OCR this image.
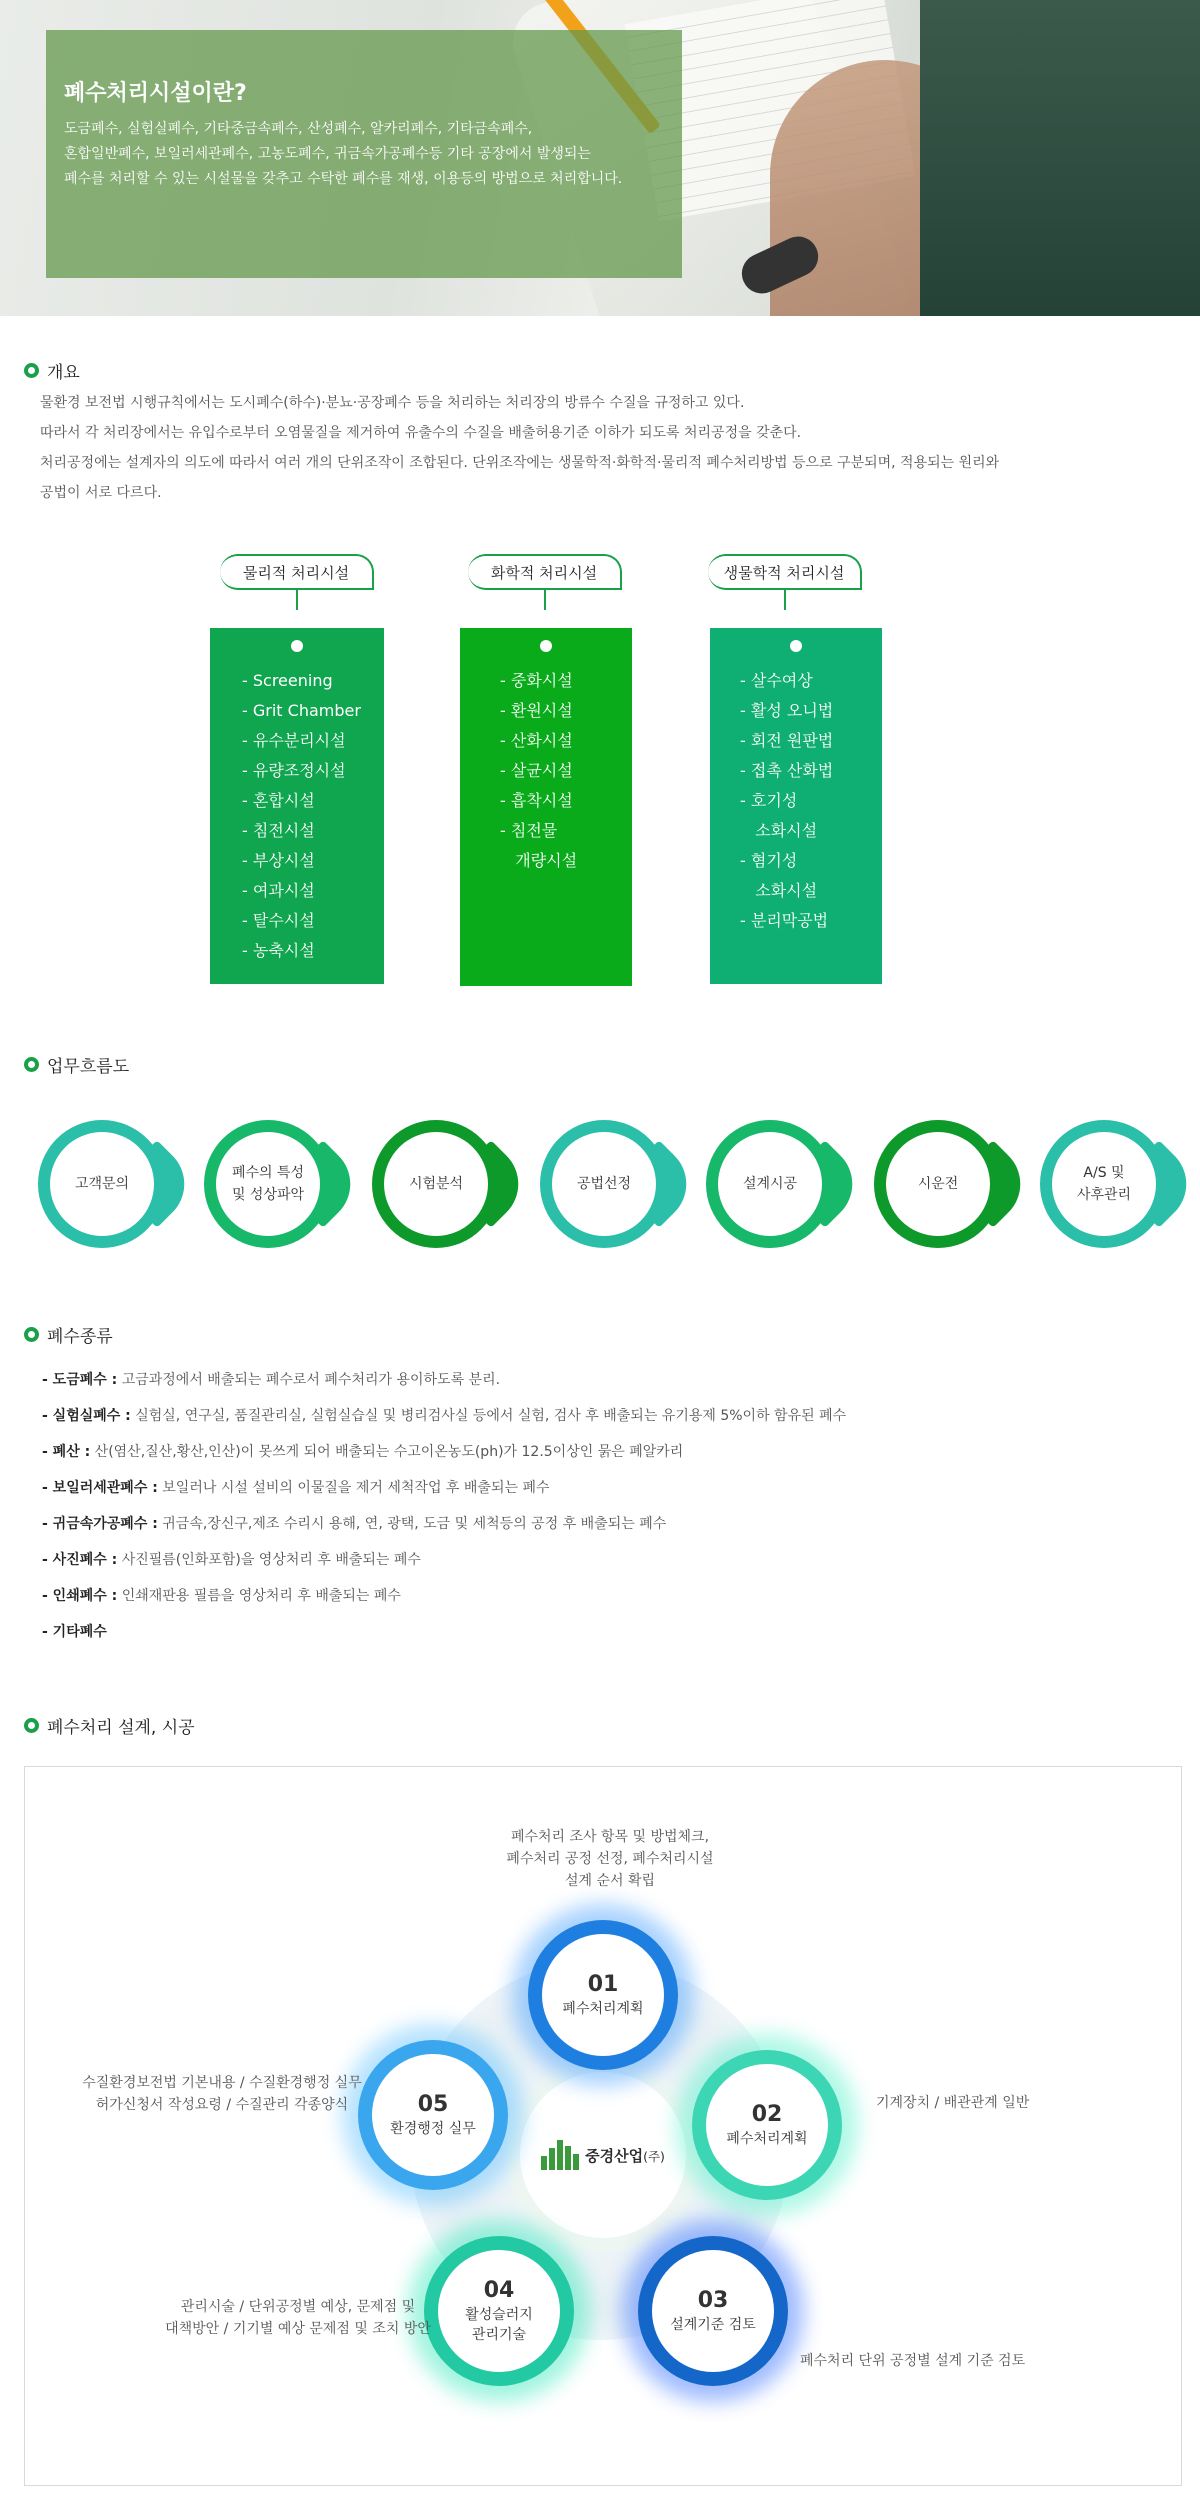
폐수처리시설이란?
도금폐수, 실험실폐수, 기타중금속폐수, 산성폐수, 알카리폐수, 기타금속폐수,
혼합일반폐수, 보일러세관폐수, 고농도폐수, 귀금속가공폐수등 기타 공장에서 발생되는
폐수를 처리할 수 있는 시설물을 갖추고 수탁한 폐수를 재생, 이용등의 방법으로 처리합니다.
개요
물환경 보전법 시행규칙에서는 도시폐수(하수)·분뇨·공장폐수 등을 처리하는 처리장의 방류수 수질을 규정하고 있다.
따라서 각 처리장에서는 유입수로부터 오염물질을 제거하여 유출수의 수질을 배출허용기준 이하가 되도록 처리공정을 갖춘다.
처리공정에는 설계자의 의도에 따라서 여러 개의 단위조작이 조합된다. 단위조작에는 생물학적·화학적·물리적 폐수처리방법 등으로 구분되며, 적용되는 원리와
공법이 서로 다르다.
물리적 처리시설
- Screening
- Grit Chamber
- 유수분리시설
- 유량조정시설
- 혼합시설
- 침전시설
- 부상시설
- 여과시설
- 탈수시설
- 농축시설
화학적 처리시설
- 중화시설
- 환원시설
- 산화시설
- 살균시설
- 흡착시설
- 침전물
개량시설
생물학적 처리시설
- 살수여상
- 활성 오니법
- 회전 원판법
- 접촉 산화법
- 호기성
소화시설
- 혐기성
소화시설
- 분리막공법
업무흐름도
고객문의
폐수의 특성
및 성상파악
시험분석	공법선정	설계시공	시운전
A/S 및
사후관리
폐수종류
- 도금폐수 : 고금과정에서 배출되는 폐수로서 폐수처리가 용이하도록 분리.
- 실험실폐수 : 실험실, 연구실, 품질관리실, 실험실습실 및 병리검사실 등에서 실험, 검사 후 배출되는 유기용제 5%이하 함유된 폐수
- 폐산 : 산(염산,질산,황산,인산)이 못쓰게 되어 배출되는 수고이온농도(ph)가 12.5이상인 묽은 폐알카리
- 보일러세관폐수 : 보일러나 시설 설비의 이물질을 제거 세척작업 후 배출되는 폐수
- 귀금속가공폐수 : 귀금속,장신구,제조 수리시 용해, 연, 광택, 도금 및 세척등의 공정 후 배출되는 폐수
- 사진폐수 : 사진필름(인화포함)을 영상처리 후 배출되는 폐수
- 인쇄폐수 : 인쇄재판용 필름을 영상처리 후 배출되는 폐수
- 기타폐수
폐수처리 설계, 시공
중경산업(주)
01
폐수처리계획
02
폐수처리계획
03
설계기준 검토
04
활성슬러지
관리기술
05
환경행정 실무
폐수처리 조사 항목 및 방법체크,
폐수처리 공정 선정, 폐수처리시설
설계 순서 확립
기계장치 / 배관관계 일반
폐수처리 단위 공정별 설계 기준 검토
관리시술 / 단위공정별 예상, 문제점 및
대책방안 / 기기별 예상 문제점 및 조치 방안
수질환경보전법 기본내용 / 수질환경행정 실무
허가신청서 작성요령 / 수질관리 각종양식
